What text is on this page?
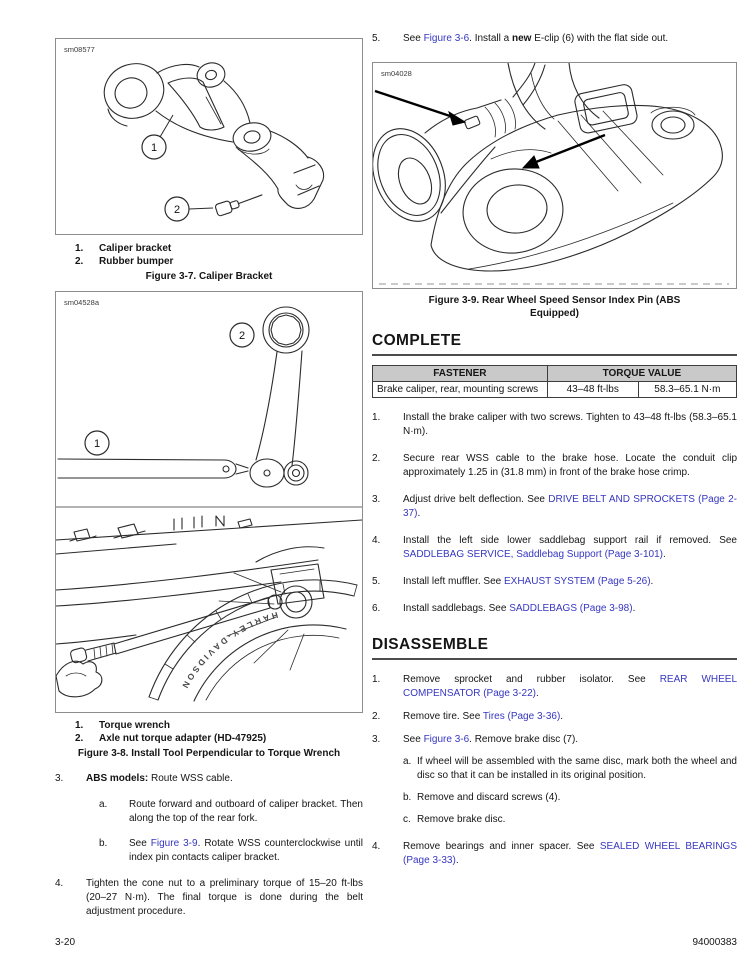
sm08577
1
2
1.	Caliper bracket
2.	Rubber bumper
Figure 3-7. Caliper Bracket
sm04528a
2
1
HARLEY-DAVIDSON
1.	Torque wrench
2.	Axle nut torque adapter (HD-47925)
Figure 3-8. Install Tool Perpendicular to Torque Wrench
3.	ABS models: Route WSS cable.

a.	Route forward and outboard of caliper bracket. Then along the top of the rear fork.

b.	See Figure 3-9. Rotate WSS counterclockwise until index pin contacts caliper bracket.

4.	Tighten the cone nut to a preliminary torque of 15–20 ft-lbs (20–27 N·m). The final torque is done during the belt adjustment procedure.

5.	See Figure 3-6. Install a new E-clip (6) with the flat side out.

sm04028
Figure 3-9. Rear Wheel Speed Sensor Index Pin (ABS Equipped)
COMPLETE
FASTENER	TORQUE VALUE	
Brake caliper, rear, mounting screws	43–48 ft-lbs	58.3–65.1 N·m
1.	Install the brake caliper with two screws. Tighten to 43–48 ft-lbs (58.3–65.1 N·m).

2.	Secure rear WSS cable to the brake hose. Locate the conduit clip approximately 1.25 in (31.8 mm) in front of the brake hose crimp.

3.	Adjust drive belt deflection. See DRIVE BELT AND SPROCKETS (Page 2-37).

4.	Install the left side lower saddlebag support rail if removed. See SADDLEBAG SERVICE, Saddlebag Support (Page 3-101).

5.	Install left muffler. See EXHAUST SYSTEM (Page 5-26).

6.	Install saddlebags. See SADDLEBAGS (Page 3-98).

DISASSEMBLE
1.	Remove sprocket and rubber isolator. See REAR WHEEL COMPENSATOR (Page 3-22).

2.	Remove tire. See Tires (Page 3-36).

3.	See Figure 3-6. Remove brake disc (7).

a. If wheel will be assembled with the same disc, mark both the wheel and disc so that it can be installed in its original position.

b. Remove and discard screws (4).

c. Remove brake disc.

4.	Remove bearings and inner spacer. See SEALED WHEEL BEARINGS (Page 3-33).

3-20	94000383
